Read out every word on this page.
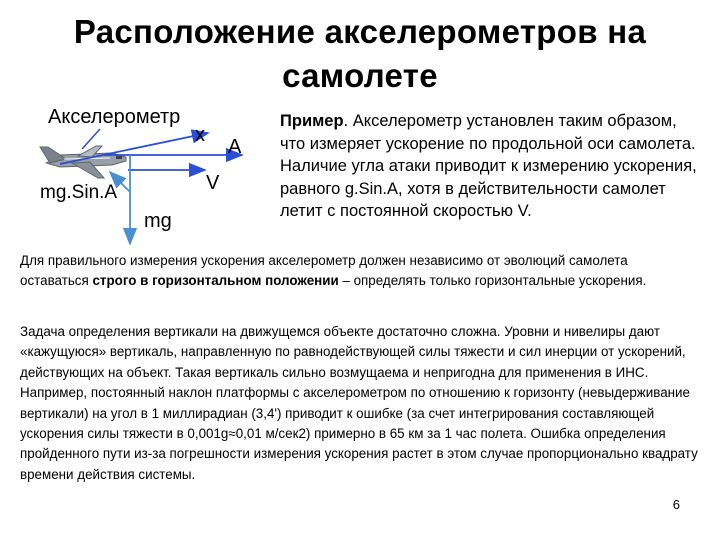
Расположение акселерометров на самолете
Акселерометр
x
A
V
mg.Sin.A
mg
Пример. Акселерометр установлен таким образом, что измеряет ускорение по продольной оси самолета. Наличие угла атаки приводит к измерению ускорения, равного g.Sin.A, хотя в действительности самолет летит с постоянной скоростью V.
Для правильного измерения ускорения акселерометр должен независимо от эволюций самолета оставаться строго в горизонтальном положении – определять только горизонтальные ускорения.
Задача определения вертикали на движущемся объекте достаточно сложна. Уровни и нивелиры дают «кажущуюся» вертикаль, направленную по равнодействующей силы тяжести и сил инерции от ускорений, действующих на объект. Такая вертикаль сильно возмущаема и непригодна для применения в ИНС. Например, постоянный наклон платформы с акселерометром по отношению к горизонту (невыдерживание вертикали) на угол в 1 миллирадиан (3,4') приводит к ошибке (за счет интегрирования составляющей ускорения силы тяжести в 0,001g≈0,01 м/сек2) примерно в 65 км за 1 час полета. Ошибка определения пройденного пути из-за погрешности измерения ускорения растет в этом случае пропорционально квадрату времени действия системы.
6
